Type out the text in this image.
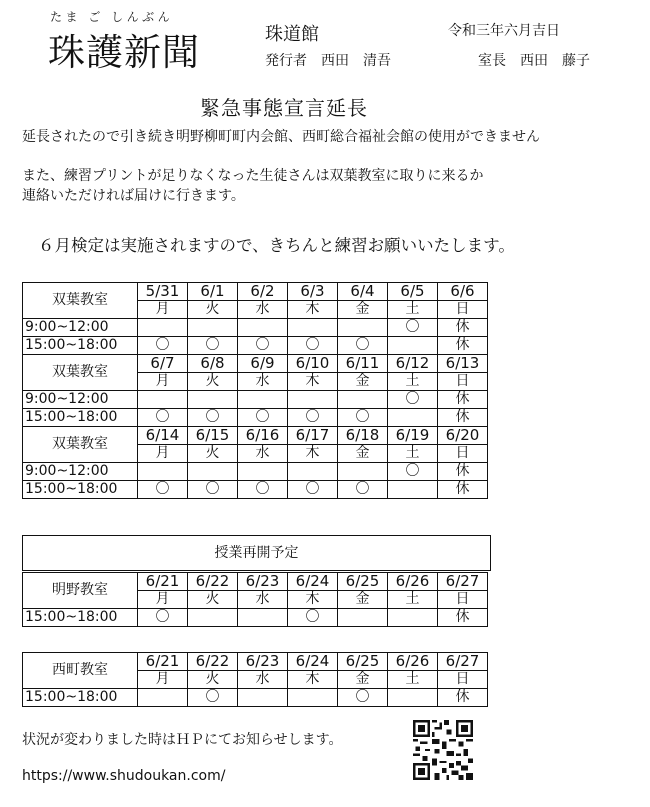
たま ご しんぶん
珠護新聞	珠道館	令和三年六月吉日
発行者　西田　清吾	室長　西田　藤子
緊急事態宣言延長
延長されたので引き続き明野柳町町内会館、西町総合福祉会館の使用ができません
また、練習プリントが足りなくなった生徒さんは双葉教室に取りに来るか
連絡いただければ届けに行きます。
６月検定は実施されますので、きちんと練習お願いいたします。
双葉教室	5/31	6/1	6/2	6/3	6/4	6/5	6/6
	月	火	水	木	金	土	日
9:00~12:00						〇	休
15:00~18:00	〇	〇	〇	〇	〇		休
双葉教室	6/7	6/8	6/9	6/10	6/11	6/12	6/13
	月	火	水	木	金	土	日
9:00~12:00						〇	休
15:00~18:00	〇	〇	〇	〇	〇		休
双葉教室	6/14	6/15	6/16	6/17	6/18	6/19	6/20
	月	火	水	木	金	土	日
9:00~12:00						〇	休
15:00~18:00	〇	〇	〇	〇	〇		休
授業再開予定
明野教室	6/21	6/22	6/23	6/24	6/25	6/26	6/27
	月	火	水	木	金	土	日
15:00~18:00	〇			〇			休
西町教室	6/21	6/22	6/23	6/24	6/25	6/26	6/27
	月	火	水	木	金	土	日
15:00~18:00		〇			〇		休
状況が変わりました時はＨＰにてお知らせします。
https://www.shudoukan.com/
